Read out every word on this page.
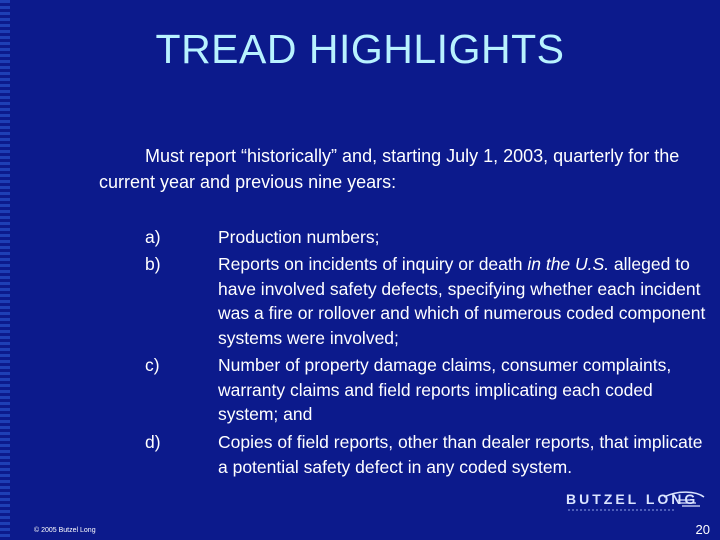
TREAD HIGHLIGHTS
Must report “historically” and, starting July 1, 2003, quarterly for the current year and previous nine years:
a)	Production numbers;
b)	Reports on incidents of inquiry or death in the U.S. alleged to have involved safety defects, specifying whether each incident was a fire or rollover and which of numerous coded component systems were involved;
c)	Number of property damage claims, consumer complaints, warranty claims and field reports implicating each coded system; and
d)	Copies of field reports, other than dealer reports, that implicate a potential safety defect in any coded system.
BUTZEL LONG
© 2005 Butzel Long	20
